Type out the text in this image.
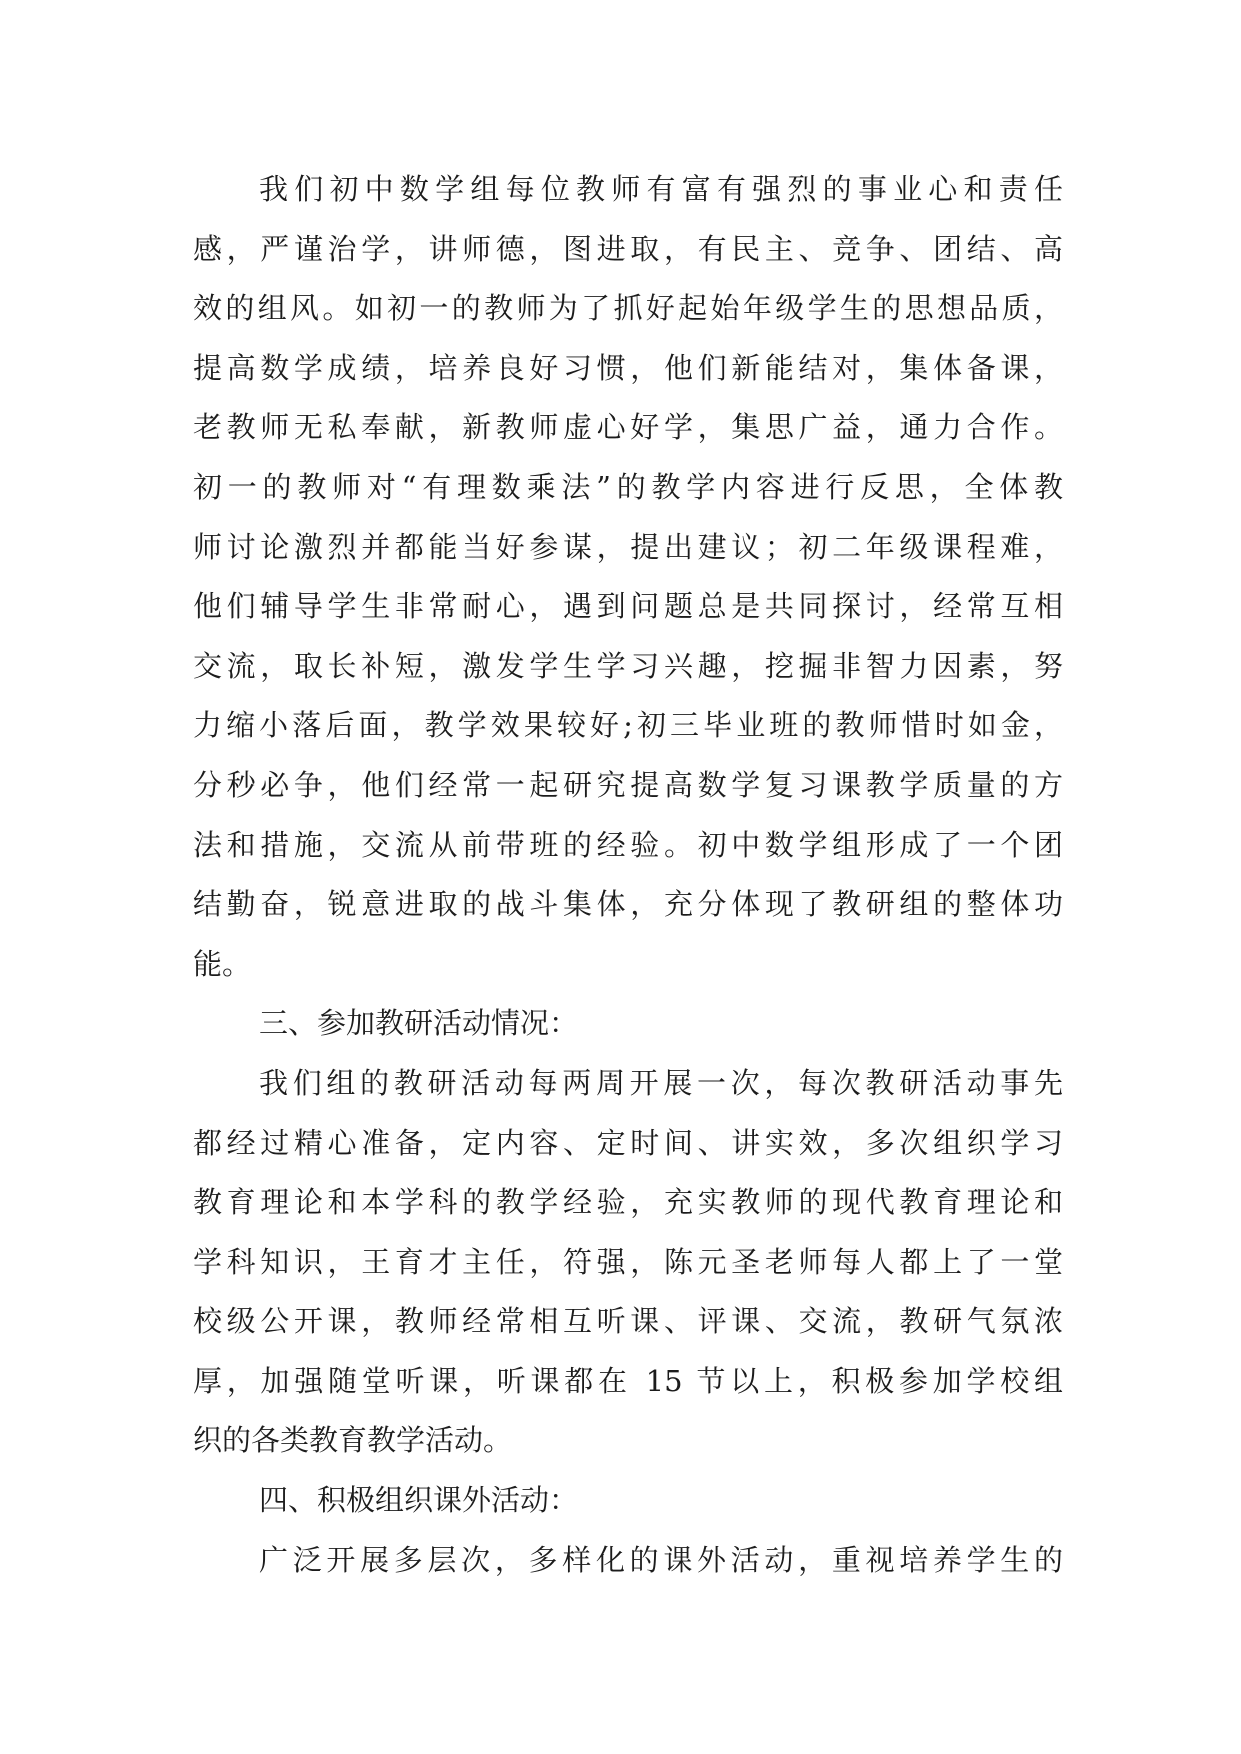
我们初中数学组每位教师有富有强烈的事业心和责任
感，严谨治学，讲师德，图进取，有民主、竞争、团结、高
效的组风。如初一的教师为了抓好起始年级学生的思想品质，
提高数学成绩，培养良好习惯，他们新能结对，集体备课，
老教师无私奉献，新教师虚心好学，集思广益，通力合作。
初一的教师对“有理数乘法”的教学内容进行反思，全体教
师讨论激烈并都能当好参谋，提出建议；初二年级课程难，
他们辅导学生非常耐心，遇到问题总是共同探讨，经常互相
交流，取长补短，激发学生学习兴趣，挖掘非智力因素，努
力缩小落后面，教学效果较好;初三毕业班的教师惜时如金，
分秒必争，他们经常一起研究提高数学复习课教学质量的方
法和措施，交流从前带班的经验。初中数学组形成了一个团
结勤奋，锐意进取的战斗集体，充分体现了教研组的整体功
能。
三、参加教研活动情况：
我们组的教研活动每两周开展一次，每次教研活动事先
都经过精心准备，定内容、定时间、讲实效，多次组织学习
教育理论和本学科的教学经验，充实教师的现代教育理论和
学科知识，王育才主任，符强，陈元圣老师每人都上了一堂
校级公开课，教师经常相互听课、评课、交流，教研气氛浓
厚，加强随堂听课，听课都在 15 节以上，积极参加学校组
织的各类教育教学活动。
四、积极组织课外活动：
广泛开展多层次，多样化的课外活动，重视培养学生的
